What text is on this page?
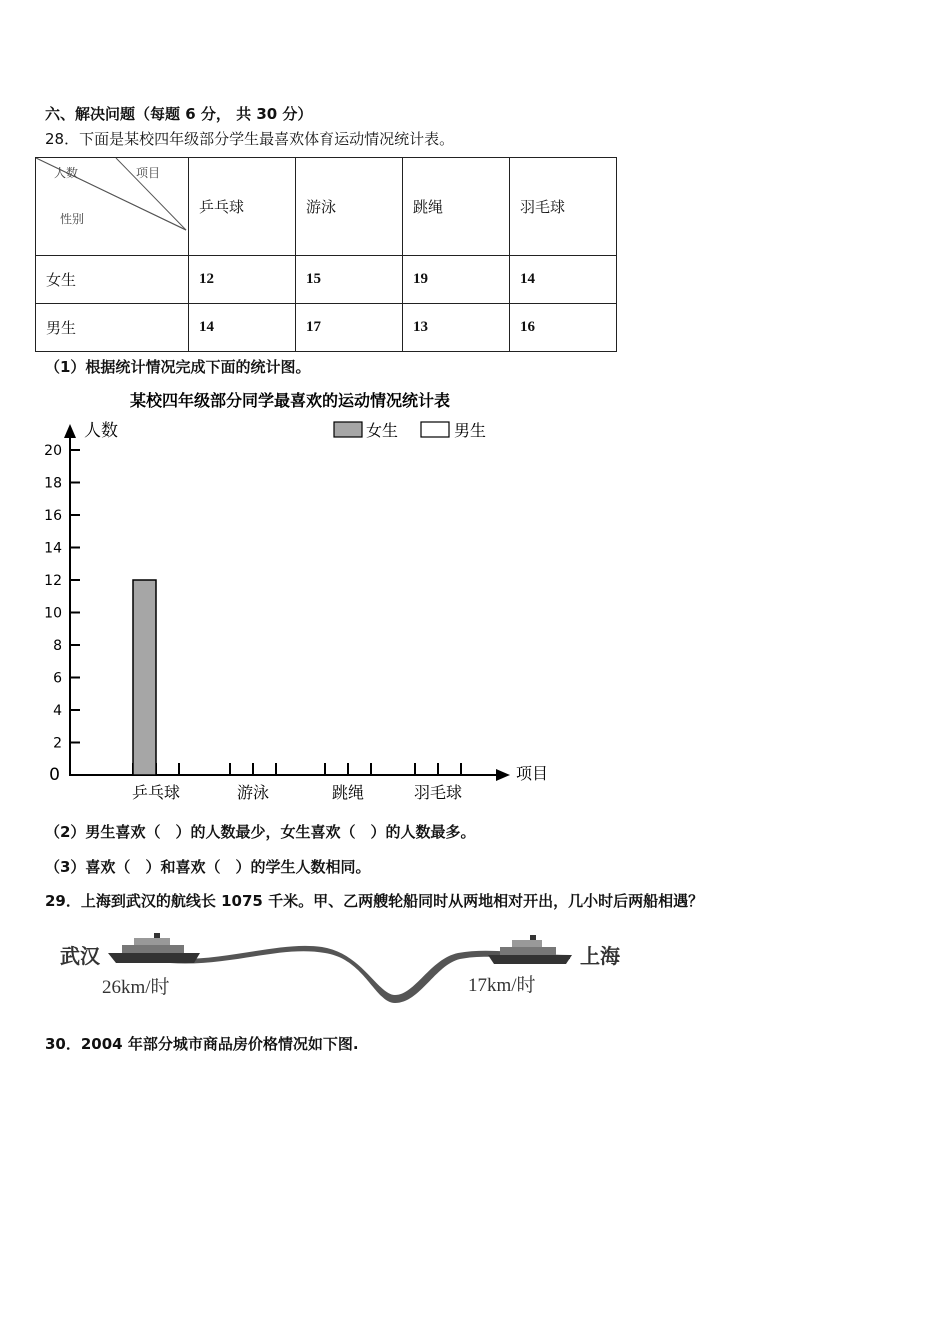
六、解决问题（每题 6 分， 共 30 分）
28．下面是某校四年级部分学生最喜欢体育运动情况统计表。
人数 项目
性别	乒乓球	游泳	跳绳	羽毛球
女生	12	15	19	14
男生	14	17	13	16
（1）根据统计情况完成下面的统计图。
某校四年级部分同学最喜欢的运动情况统计表
人数
项目
女生	男生
0
2
4
6
8
10
12
14
16
18
20
乒乓球	游泳	跳绳	羽毛球
（2）男生喜欢（　）的人数最少，女生喜欢（　）的人数最多。
（3）喜欢（　）和喜欢（　）的学生人数相同。
29．上海到武汉的航线长 1075 千米。甲、乙两艘轮船同时从两地相对开出，几小时后两船相遇？
武汉
26km/时
上海
17km/时
30．2004 年部分城市商品房价格情况如下图.
